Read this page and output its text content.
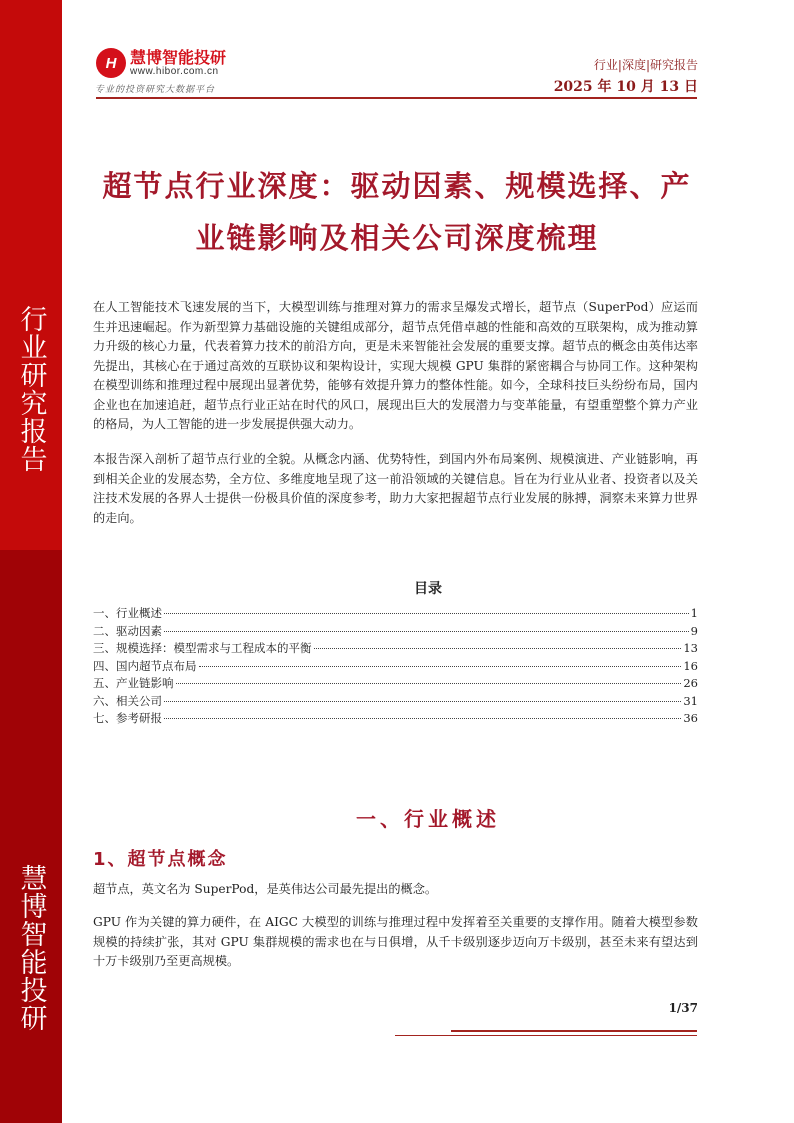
行业研究报告
慧博智能投研
H 慧博智能投研
www.hibor.com.cn
专业的投资研究大数据平台
行业|深度|研究报告
2025 年 10 月 13 日
超节点行业深度：驱动因素、规模选择、产业链影响及相关公司深度梳理
在人工智能技术飞速发展的当下，大模型训练与推理对算力的需求呈爆发式增长，超节点（SuperPod）应运而生并迅速崛起。作为新型算力基础设施的关键组成部分，超节点凭借卓越的性能和高效的互联架构，成为推动算力升级的核心力量，代表着算力技术的前沿方向，更是未来智能社会发展的重要支撑。超节点的概念由英伟达率先提出，其核心在于通过高效的互联协议和架构设计，实现大规模 GPU 集群的紧密耦合与协同工作。这种架构在模型训练和推理过程中展现出显著优势，能够有效提升算力的整体性能。如今，全球科技巨头纷纷布局，国内企业也在加速追赶，超节点行业正站在时代的风口，展现出巨大的发展潜力与变革能量，有望重塑整个算力产业的格局，为人工智能的进一步发展提供强大动力。
本报告深入剖析了超节点行业的全貌。从概念内涵、优势特性，到国内外布局案例、规模演进、产业链影响，再到相关企业的发展态势，全方位、多维度地呈现了这一前沿领域的关键信息。旨在为行业从业者、投资者以及关注技术发展的各界人士提供一份极具价值的深度参考，助力大家把握超节点行业发展的脉搏，洞察未来算力世界的走向。
目录
一、行业概述	1
二、驱动因素	9
三、规模选择：模型需求与工程成本的平衡	13
四、国内超节点布局	16
五、产业链影响	26
六、相关公司	31
七、参考研报	36
一、行业概述
1、超节点概念
超节点，英文名为 SuperPod，是英伟达公司最先提出的概念。
GPU 作为关键的算力硬件，在 AIGC 大模型的训练与推理过程中发挥着至关重要的支撑作用。随着大模型参数规模的持续扩张，其对 GPU 集群规模的需求也在与日俱增，从千卡级别逐步迈向万卡级别，甚至未来有望达到十万卡级别乃至更高规模。
1/37
